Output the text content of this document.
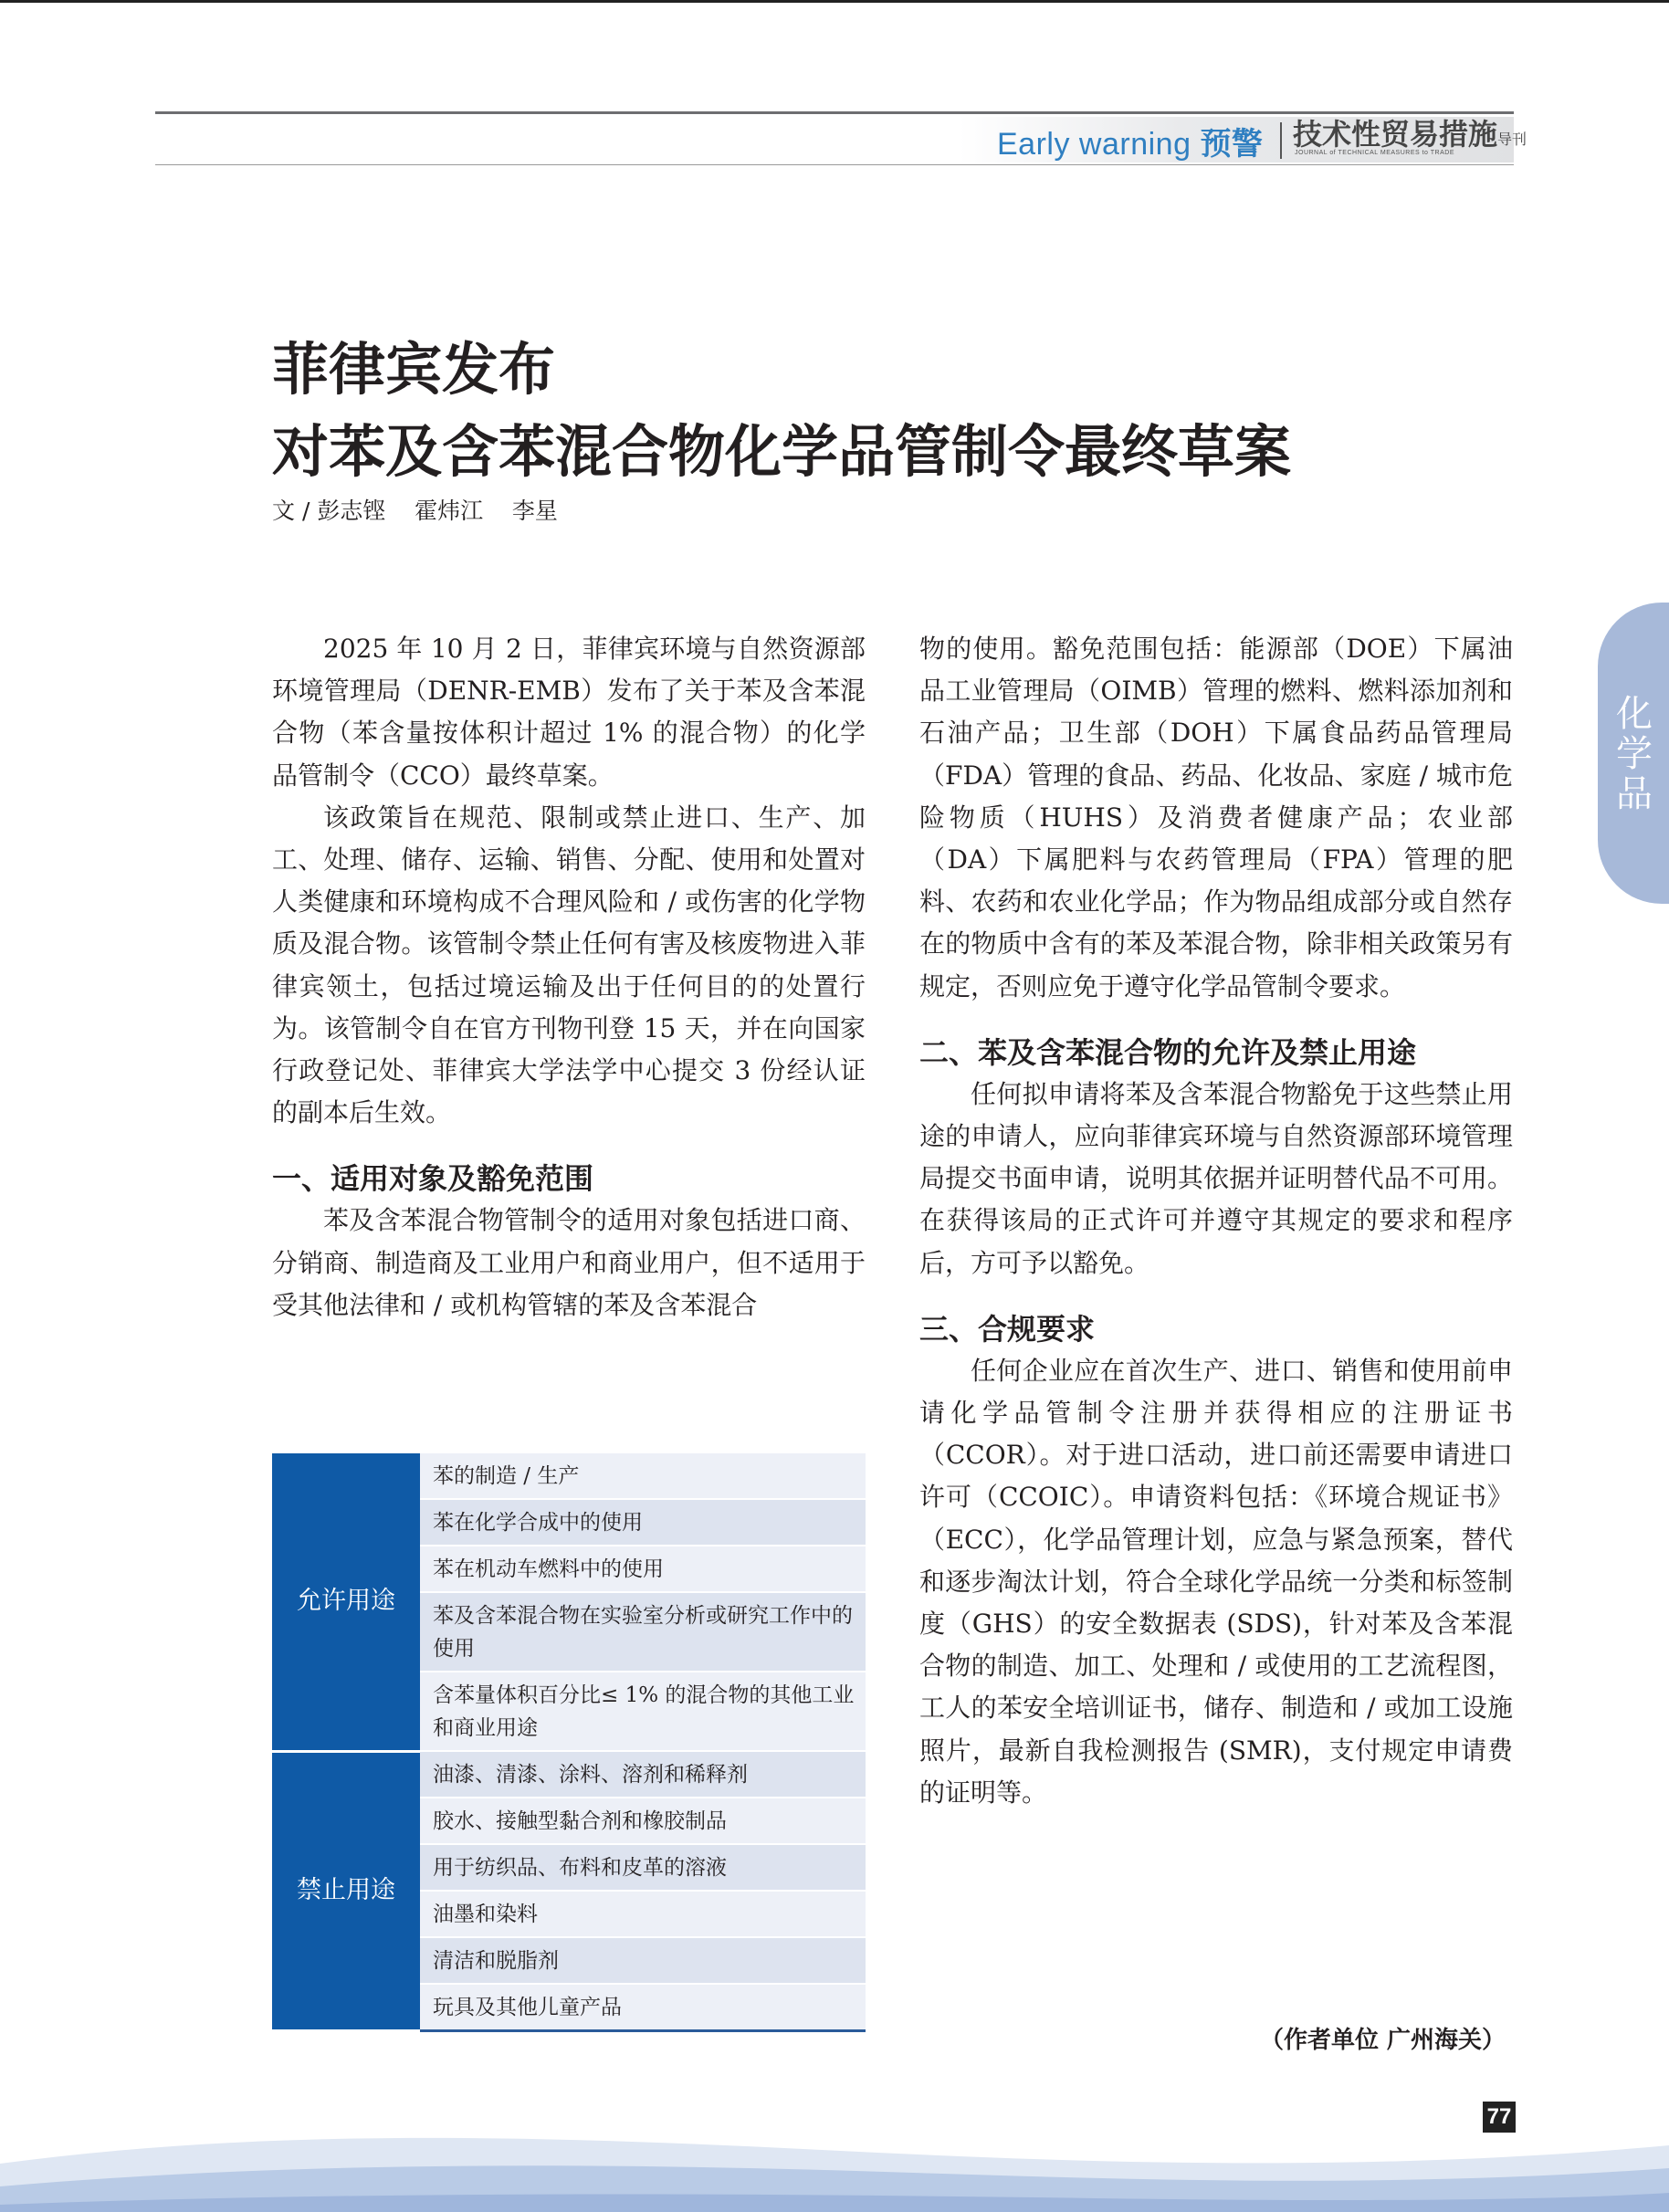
Early warning 预警 技术性贸易措施导刊
JOURNAL of TECHNICAL MEASURES to TRADE
菲律宾发布
对苯及含苯混合物化学品管制令最终草案
文 / 彭志铿    霍炜江    李星
化学品

2025 年 10 月 2 日，菲律宾环境与自然资源部环境管理局（DENR-EMB）发布了关于苯及含苯混合物（苯含量按体积计超过 1% 的混合物）的化学品管制令（CCO）最终草案。

该政策旨在规范、限制或禁止进口、生产、加工、处理、储存、运输、销售、分配、使用和处置对人类健康和环境构成不合理风险和 / 或伤害的化学物质及混合物。该管制令禁止任何有害及核废物进入菲律宾领土，包括过境运输及出于任何目的的处置行为。该管制令自在官方刊物刊登 15 天，并在向国家行政登记处、菲律宾大学法学中心提交 3 份经认证的副本后生效。

一、适用对象及豁免范围

苯及含苯混合物管制令的适用对象包括进口商、分销商、制造商及工业用户和商业用户，但不适用于受其他法律和 / 或机构管辖的苯及含苯混合

允许用途	苯的制造 / 生产
	苯在化学合成中的使用
	苯在机动车燃料中的使用
	苯及含苯混合物在实验室分析或研究工作中的使用
	含苯量体积百分比≤ 1% 的混合物的其他工业和商业用途
禁止用途	油漆、清漆、涂料、溶剂和稀释剂
	胶水、接触型黏合剂和橡胶制品
	用于纺织品、布料和皮革的溶液
	油墨和染料
	清洁和脱脂剂
	玩具及其他儿童产品

物的使用。豁免范围包括：能源部（DOE）下属油品工业管理局（OIMB）管理的燃料、燃料添加剂和石油产品；卫生部（DOH）下属食品药品管理局（FDA）管理的食品、药品、化妆品、家庭 / 城市危险物质（HUHS）及消费者健康产品；农业部（DA）下属肥料与农药管理局（FPA）管理的肥料、农药和农业化学品；作为物品组成部分或自然存在的物质中含有的苯及苯混合物，除非相关政策另有规定，否则应免于遵守化学品管制令要求。

二、苯及含苯混合物的允许及禁止用途

任何拟申请将苯及含苯混合物豁免于这些禁止用途的申请人，应向菲律宾环境与自然资源部环境管理局提交书面申请，说明其依据并证明替代品不可用。在获得该局的正式许可并遵守其规定的要求和程序后，方可予以豁免。

三、合规要求

任何企业应在首次生产、进口、销售和使用前申请化学品管制令注册并获得相应的注册证书（CCOR）。对于进口活动，进口前还需要申请进口许可（CCOIC）。申请资料包括：《环境合规证书》（ECC），化学品管理计划，应急与紧急预案，替代和逐步淘汰计划，符合全球化学品统一分类和标签制度（GHS）的安全数据表 (SDS)，针对苯及含苯混合物的制造、加工、处理和 / 或使用的工艺流程图，工人的苯安全培训证书，储存、制造和 / 或加工设施照片，最新自我检测报告 (SMR)，支付规定申请费的证明等。

（作者单位 广州海关）
77
